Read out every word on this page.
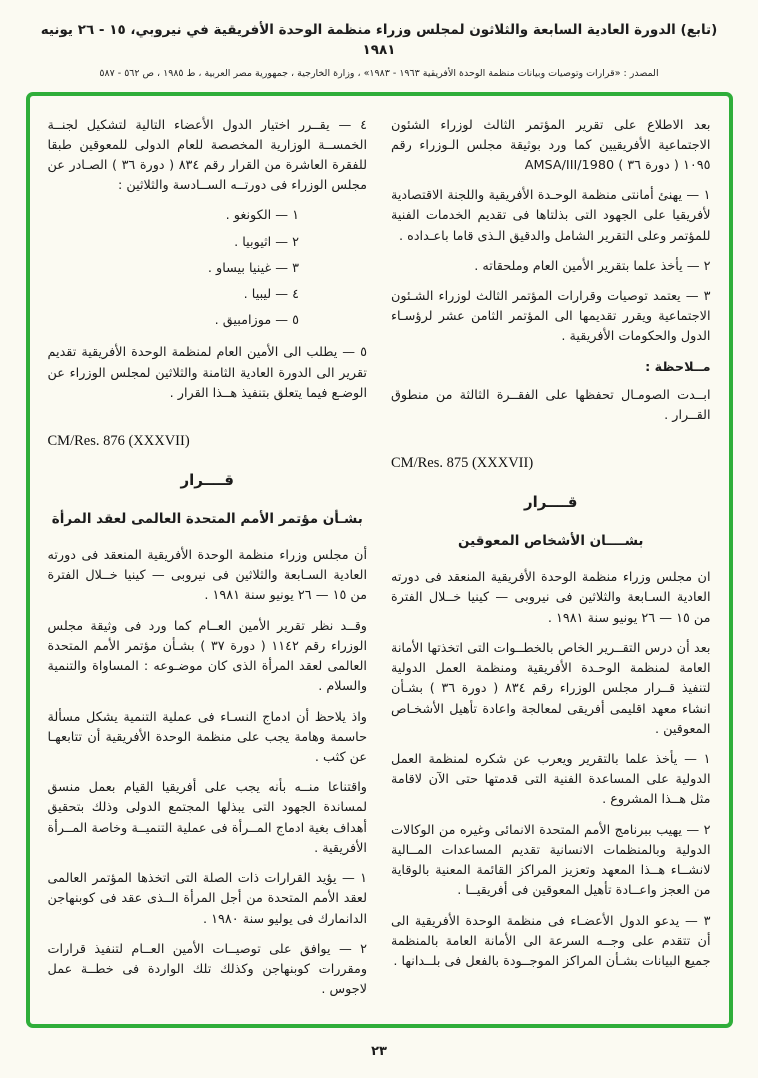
(تابع) الدورة العادية السابعة والثلاثون لمجلس وزراء منظمة الوحدة الأفريقية في نيروبي، ١٥ - ٢٦ يونيه ١٩٨١
المصدر : «قرارات وتوصيات وبيانات منظمة الوحدة الأفريقية ١٩٦٣ - ١٩٨٣» ، وزارة الخارجية ، جمهورية مصر العربية ، ط ١٩٨٥ ، ص ٥٦٢ - ٥٨٧

بعد الاطلاع على تقرير المؤتمر الثالث لوزراء الشئون الاجتماعية الأفريقيين كما ورد بوثيقة مجلس الـوزراء رقم ١٠٩٥ ( دورة ٣٦ ) AMSA/III/1980

١ — يهنئ أمانتى منظمة الوحـدة الأفريقية واللجنة الاقتصادية لأفريقيا على الجهود التى بذلتاها فى تقديم الخدمات الفنية للمؤتمر وعلى التقرير الشامل والدقيق الـذى قاما باعـداده .

٢ — يأخذ علما بتقرير الأمين العام وملحقاته .

٣ — يعتمد توصيات وقرارات المؤتمر الثالث لوزراء الشـئون الاجتماعية ويقرر تقديمها الى المؤتمر الثامن عشر لرؤسـاء الدول والحكومات الأفريقية .

مــلاحظة :

ابــدت الصومـال تحفظها على الفقــرة الثالثة من منطوق القــرار .

CM/Res. 875 (XXXVII)
قــــرار
بشــــان الأشخاص المعوقين

ان مجلس وزراء منظمة الوحدة الأفريقية المنعقد فى دورته العادية السـابعة والثلاثين فى نيروبى — كينيا خــلال الفترة من ١٥ — ٢٦ يونيو سنة ١٩٨١ .

بعد أن درس التقــرير الخاص بالخطــوات التى اتخذتها الأمانة العامة لمنظمة الوحـدة الأفريقية ومنظمة العمل الدولية لتنفيذ قــرار مجلس الوزراء رقم ٨٣٤ ( دورة ٣٦ ) بشـأن انشاء معهد اقليمى أفريقى لمعالجة واعادة تأهيل الأشخـاص المعوقين .

١ — يأخذ علما بالتقرير ويعرب عن شكره لمنظمة العمل الدولية على المساعدة الفنية التى قدمتها حتى الآن لاقامة مثل هــذا المشروع .

٢ — يهيب ببرنامج الأمم المتحدة الانمائى وغيره من الوكالات الدولية وبالمنظمات الانسانية تقديم المساعدات المــالية لانشــاء هــذا المعهد وتعزيز المراكز القائمة المعنية بالوقاية من العجز واعــادة تأهيل المعوقين فى أفريقيــا .

٣ — يدعو الدول الأعضـاء فى منظمة الوحدة الأفريقية الى أن تتقدم على وجــه السرعة الى الأمانة العامة بالمنظمة جميع البيانات بشـأن المراكز الموجــودة بالفعل فى بلــدانها .

٤ — يقــرر اختيار الدول الأعضاء التالية لتشكيل لجنــة الخمســة الوزارية المخصصة للعام الدولى للمعوقين طبقا للفقرة العاشرة من القرار رقم ٨٣٤ ( دورة ٣٦ ) الصـادر عن مجلس الوزراء فى دورتــه الســادسة والثلاثين :

١ — الكونغو .
٢ — اثيوبيا .
٣ — غينيا بيساو .
٤ — ليبيا .
٥ — موزامبيق .

٥ — يطلب الى الأمين العام لمنظمة الوحدة الأفريقية تقديم تقرير الى الدورة العادية الثامنة والثلاثين لمجلس الوزراء عن الوضـع فيما يتعلق بتنفيذ هــذا القرار .

CM/Res. 876 (XXXVII)
قــــرار
بشـأن مؤتمر الأمم المتحدة العالمى لعقد المرأة

أن مجلس وزراء منظمة الوحدة الأفريقية المنعقد فى دورته العادية السـابعة والثلاثين فى نيروبى — كينيا خــلال الفترة من ١٥ — ٢٦ يونيو سنة ١٩٨١ .

وقــد نظر تقرير الأمين العــام كما ورد فى وثيقة مجلس الوزراء رقم ١١٤٢ ( دورة ٣٧ ) بشـأن مؤتمر الأمم المتحدة العالمى لعقد المرأة الذى كان موضـوعه : المساواة والتنمية والسلام .

واذ يلاحظ أن ادماج النسـاء فى عملية التنمية يشكل مسألة حاسمة وهامة يجب على منظمة الوحدة الأفريقية أن تتابعهـا عن كثب .

واقتناعا منــه بأنه يجب على أفريقيا القيام بعمل منسق لمساندة الجهود التى يبذلها المجتمع الدولى وذلك بتحقيق أهداف بغية ادماج المــرأة فى عملية التنميــة وخاصة المــرأة الأفريقية .

١ — يؤيد القرارات ذات الصلة التى اتخذها المؤتمر العالمى لعقد الأمم المتحدة من أجل المرأة الــذى عقد فى كوبنهاجن الدانمارك فى يوليو سنة ١٩٨٠ .

٢ — يوافق على توصيــات الأمين العــام لتنفيذ قرارات ومقررات كوبنهاجن وكذلك تلك الواردة فى خطــة عمل لاجوس .

٢٣
